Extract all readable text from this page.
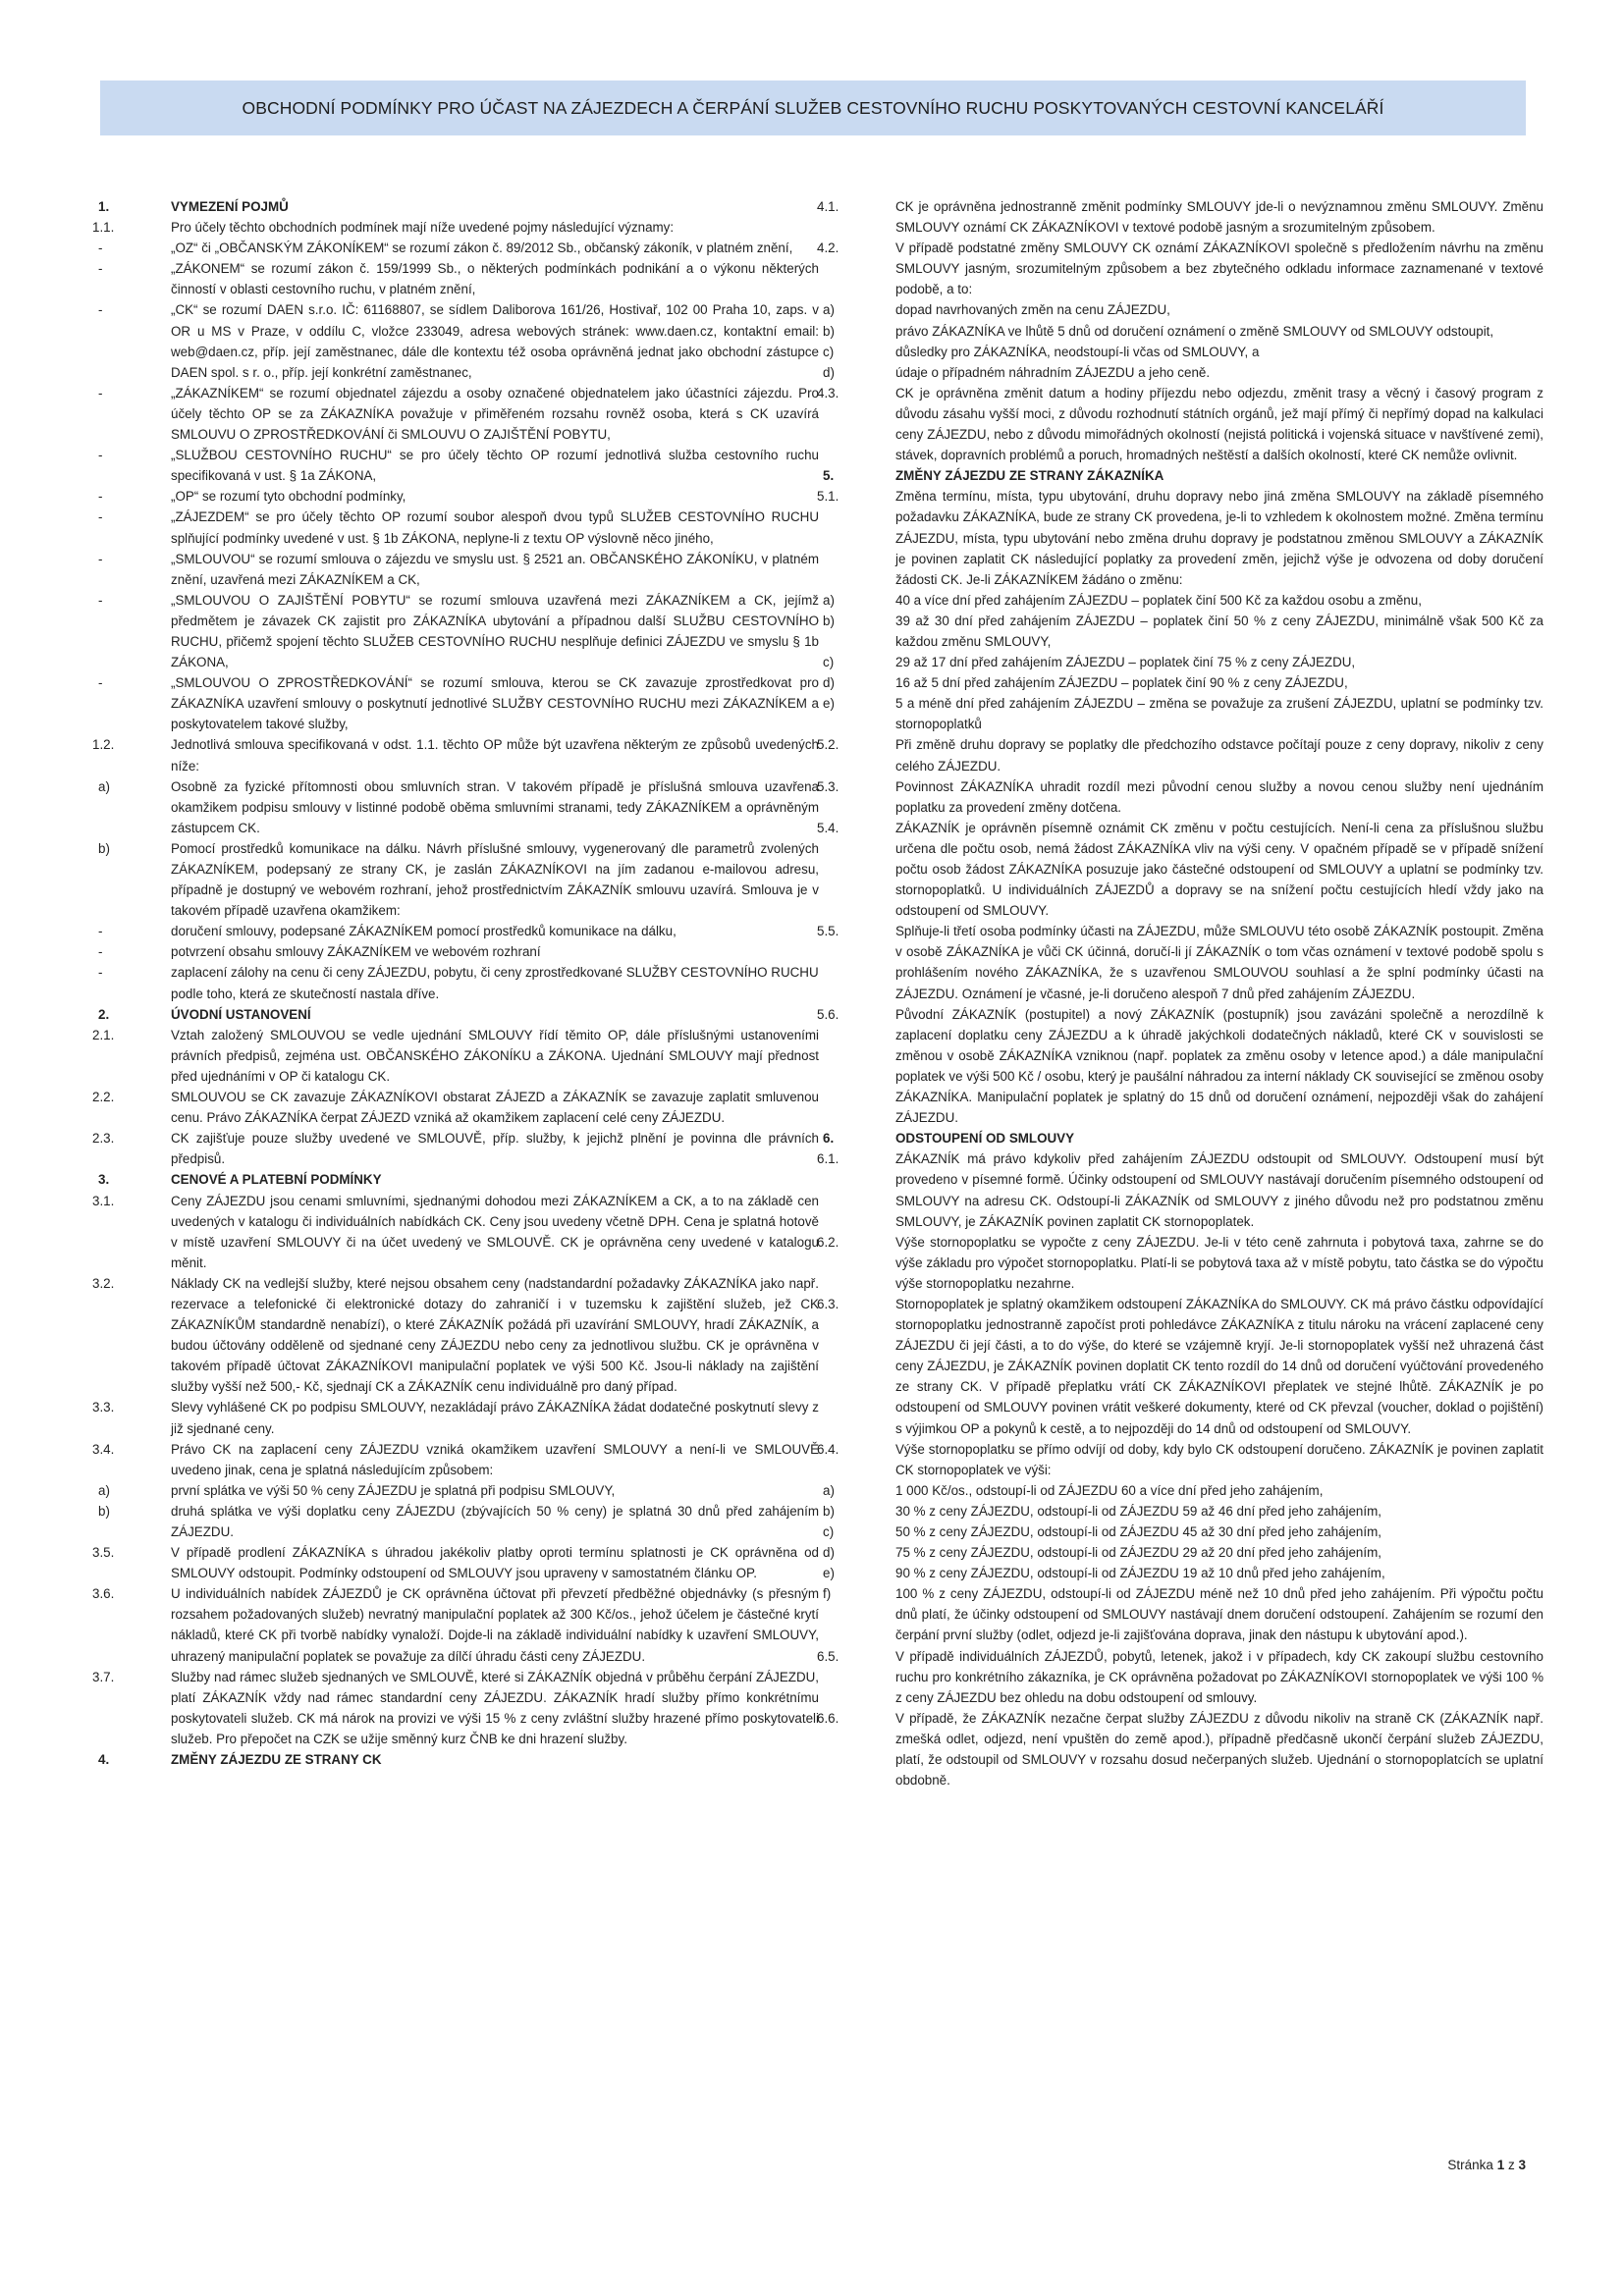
OBCHODNÍ PODMÍNKY PRO ÚČAST NA ZÁJEZDECH A ČERPÁNÍ SLUŽEB CESTOVNÍHO RUCHU POSKYTOVANÝCH CESTOVNÍ KANCELÁŘÍ
1.	VYMEZENÍ POJMŮ
1.1.	Pro účely těchto obchodních podmínek mají níže uvedené pojmy následující významy:
-	„OZ“ či „OBČANSKÝM ZÁKONÍKEM“ se rozumí zákon č. 89/2012 Sb., občanský zákoník, v platném znění,
-	„ZÁKONEM“ se rozumí zákon č. 159/1999 Sb., o některých podmínkách podnikání a o výkonu některých činností v oblasti cestovního ruchu, v platném znění,
-	„CK“ se rozumí DAEN s.r.o. IČ: 61168807, se sídlem Daliborova 161/26, Hostivař, 102 00 Praha 10, zaps. v OR u MS v Praze, v oddílu C, vložce 233049, adresa webových stránek: www.daen.cz, kontaktní email: web@daen.cz, příp. její zaměstnanec, dále dle kontextu též osoba oprávněná jednat jako obchodní zástupce DAEN spol. s r. o., příp. její konkrétní zaměstnanec,
-	„ZÁKAZNÍKEM“ se rozumí objednatel zájezdu a osoby označené objednatelem jako účastníci zájezdu. Pro účely těchto OP se za ZÁKAZNÍKA považuje v přiměřeném rozsahu rovněž osoba, která s CK uzavírá SMLOUVU O ZPROSTŘEDKOVÁNÍ či SMLOUVU O ZAJIŠTĚNÍ POBYTU,
-	„SLUŽBOU CESTOVNÍHO RUCHU“ se pro účely těchto OP rozumí jednotlivá služba cestovního ruchu specifikovaná v ust. § 1a ZÁKONA,
-	„OP“ se rozumí tyto obchodní podmínky,
-	„ZÁJEZDEM“ se pro účely těchto OP rozumí soubor alespoň dvou typů SLUŽEB CESTOVNÍHO RUCHU splňující podmínky uvedené v ust. § 1b ZÁKONA, neplyne-li z textu OP výslovně něco jiného,
-	„SMLOUVOU“ se rozumí smlouva o zájezdu ve smyslu ust. § 2521 an. OBČANSKÉHO ZÁKONÍKU, v platném znění, uzavřená mezi ZÁKAZNÍKEM a CK,
-	„SMLOUVOU O ZAJIŠTĚNÍ POBYTU“ se rozumí smlouva uzavřená mezi ZÁKAZNÍKEM a CK, jejímž předmětem je závazek CK zajistit pro ZÁKAZNÍKA ubytování a případnou další SLUŽBU CESTOVNÍHO RUCHU, přičemž spojení těchto SLUŽEB CESTOVNÍHO RUCHU nesplňuje definici ZÁJEZDU ve smyslu § 1b ZÁKONA,
-	„SMLOUVOU O ZPROSTŘEDKOVÁNÍ“ se rozumí smlouva, kterou se CK zavazuje zprostředkovat pro ZÁKAZNÍKA uzavření smlouvy o poskytnutí jednotlivé SLUŽBY CESTOVNÍHO RUCHU mezi ZÁKAZNÍKEM a poskytovatelem takové služby,
1.2.	Jednotlivá smlouva specifikovaná v odst. 1.1. těchto OP může být uzavřena některým ze způsobů uvedených níže:
a)	Osobně za fyzické přítomnosti obou smluvních stran. V takovém případě je příslušná smlouva uzavřena okamžikem podpisu smlouvy v listinné podobě oběma smluvními stranami, tedy ZÁKAZNÍKEM a oprávněným zástupcem CK.
b)	Pomocí prostředků komunikace na dálku. Návrh příslušné smlouvy, vygenerovaný dle parametrů zvolených ZÁKAZNÍKEM, podepsaný ze strany CK, je zaslán ZÁKAZNÍKOVI na jím zadanou e-mailovou adresu, případně je dostupný ve webovém rozhraní, jehož prostřednictvím ZÁKAZNÍK smlouvu uzavírá. Smlouva je v takovém případě uzavřena okamžikem:
-	doručení smlouvy, podepsané ZÁKAZNÍKEM pomocí prostředků komunikace na dálku,
-	potvrzení obsahu smlouvy ZÁKAZNÍKEM ve webovém rozhraní
-	zaplacení zálohy na cenu či ceny ZÁJEZDU, pobytu, či ceny zprostředkované SLUŽBY CESTOVNÍHO RUCHU
podle toho, která ze skutečností nastala dříve.
2.	ÚVODNÍ USTANOVENÍ
2.1.	Vztah založený SMLOUVOU se vedle ujednání SMLOUVY řídí těmito OP, dále příslušnými ustanoveními právních předpisů, zejména ust. OBČANSKÉHO ZÁKONÍKU a ZÁKONA. Ujednání SMLOUVY mají přednost před ujednáními v OP či katalogu CK.
2.2.	SMLOUVOU se CK zavazuje ZÁKAZNÍKOVI obstarat ZÁJEZD a ZÁKAZNÍK se zavazuje zaplatit smluvenou cenu. Právo ZÁKAZNÍKA čerpat ZÁJEZD vzniká až okamžikem zaplacení celé ceny ZÁJEZDU.
2.3.	CK zajišťuje pouze služby uvedené ve SMLOUVĚ, příp. služby, k jejichž plnění je povinna dle právních předpisů.
3.	CENOVÉ A PLATEBNÍ PODMÍNKY
3.1.	Ceny ZÁJEZDU jsou cenami smluvními, sjednanými dohodou mezi ZÁKAZNÍKEM a CK, a to na základě cen uvedených v katalogu či individuálních nabídkách CK. Ceny jsou uvedeny včetně DPH. Cena je splatná hotově v místě uzavření SMLOUVY či na účet uvedený ve SMLOUVĚ. CK je oprávněna ceny uvedené v katalogu měnit.
3.2.	Náklady CK na vedlejší služby, které nejsou obsahem ceny (nadstandardní požadavky ZÁKAZNÍKA jako např. rezervace a telefonické či elektronické dotazy do zahraničí i v tuzemsku k zajištění služeb, jež CK ZÁKAZNÍKŮM standardně nenabízí), o které ZÁKAZNÍK požádá při uzavírání SMLOUVY, hradí ZÁKAZNÍK, a budou účtovány odděleně od sjednané ceny ZÁJEZDU nebo ceny za jednotlivou službu. CK je oprávněna v takovém případě účtovat ZÁKAZNÍKOVI manipulační poplatek ve výši 500 Kč. Jsou-li náklady na zajištění služby vyšší než 500,- Kč, sjednají CK a ZÁKAZNÍK cenu individuálně pro daný případ.
3.3.	Slevy vyhlášené CK po podpisu SMLOUVY, nezakládají právo ZÁKAZNÍKA žádat dodatečné poskytnutí slevy z již sjednané ceny.
3.4.	Právo CK na zaplacení ceny ZÁJEZDU vzniká okamžikem uzavření SMLOUVY a není-li ve SMLOUVĚ uvedeno jinak, cena je splatná následujícím způsobem:
a)	první splátka ve výši 50 % ceny ZÁJEZDU je splatná při podpisu SMLOUVY,
b)	druhá splátka ve výši doplatku ceny ZÁJEZDU (zbývajících 50 % ceny) je splatná 30 dnů před zahájením ZÁJEZDU.
3.5.	V případě prodlení ZÁKAZNÍKA s úhradou jakékoliv platby oproti termínu splatnosti je CK oprávněna od SMLOUVY odstoupit. Podmínky odstoupení od SMLOUVY jsou upraveny v samostatném článku OP.
3.6.	U individuálních nabídek ZÁJEZDŮ je CK oprávněna účtovat při převzetí předběžné objednávky (s přesným rozsahem požadovaných služeb) nevratný manipulační poplatek až 300 Kč/os., jehož účelem je částečné krytí nákladů, které CK při tvorbě nabídky vynaloží. Dojde-li na základě individuální nabídky k uzavření SMLOUVY, uhrazený manipulační poplatek se považuje za dílčí úhradu části ceny ZÁJEZDU.
3.7.	Služby nad rámec služeb sjednaných ve SMLOUVĚ, které si ZÁKAZNÍK objedná v průběhu čerpání ZÁJEZDU, platí ZÁKAZNÍK vždy nad rámec standardní ceny ZÁJEZDU. ZÁKAZNÍK hradí služby přímo konkrétnímu poskytovateli služeb. CK má nárok na provizi ve výši 15 % z ceny zvláštní služby hrazené přímo poskytovateli služeb. Pro přepočet na CZK se užije směnný kurz ČNB ke dni hrazení služby.
4.	ZMĚNY ZÁJEZDU ZE STRANY CK
4.1.	CK je oprávněna jednostranně změnit podmínky SMLOUVY jde-li o nevýznamnou změnu SMLOUVY. Změnu SMLOUVY oznámí CK ZÁKAZNÍKOVI v textové podobě jasným a srozumitelným způsobem.
4.2.	V případě podstatné změny SMLOUVY CK oznámí ZÁKAZNÍKOVI společně s předložením návrhu na změnu SMLOUVY jasným, srozumitelným způsobem a bez zbytečného odkladu informace zaznamenané v textové podobě, a to:
a)	dopad navrhovaných změn na cenu ZÁJEZDU,
b)	právo ZÁKAZNÍKA ve lhůtě 5 dnů od doručení oznámení o změně SMLOUVY od SMLOUVY odstoupit,
c)	důsledky pro ZÁKAZNÍKA, neodstoupí-li včas od SMLOUVY, a
d)	údaje o případném náhradním ZÁJEZDU a jeho ceně.
4.3.	CK je oprávněna změnit datum a hodiny příjezdu nebo odjezdu, změnit trasy a věcný i časový program z důvodu zásahu vyšší moci, z důvodu rozhodnutí státních orgánů, jež mají přímý či nepřímý dopad na kalkulaci ceny ZÁJEZDU, nebo z důvodu mimořádných okolností (nejistá politická i vojenská situace v navštívené zemi), stávek, dopravních problémů a poruch, hromadných neštěstí a dalších okolností, které CK nemůže ovlivnit.
5.	ZMĚNY ZÁJEZDU ZE STRANY ZÁKAZNÍKA
5.1.	Změna termínu, místa, typu ubytování, druhu dopravy nebo jiná změna SMLOUVY na základě písemného požadavku ZÁKAZNÍKA, bude ze strany CK provedena, je-li to vzhledem k okolnostem možné. Změna termínu ZÁJEZDU, místa, typu ubytování nebo změna druhu dopravy je podstatnou změnou SMLOUVY a ZÁKAZNÍK je povinen zaplatit CK následující poplatky za provedení změn, jejichž výše je odvozena od doby doručení žádosti CK. Je-li ZÁKAZNÍKEM žádáno o změnu:
a)	40 a více dní před zahájením ZÁJEZDU – poplatek činí 500 Kč za každou osobu a změnu,
b)	39 až 30 dní před zahájením ZÁJEZDU – poplatek činí 50 % z ceny ZÁJEZDU, minimálně však 500 Kč za každou změnu SMLOUVY,
c)	29 až 17 dní před zahájením ZÁJEZDU – poplatek činí 75 % z ceny ZÁJEZDU,
d)	16 až 5 dní před zahájením ZÁJEZDU – poplatek činí 90 % z ceny ZÁJEZDU,
e)	5 a méně dní před zahájením ZÁJEZDU – změna se považuje za zrušení ZÁJEZDU, uplatní se podmínky tzv. stornopoplatků
5.2.	Při změně druhu dopravy se poplatky dle předchozího odstavce počítají pouze z ceny dopravy, nikoliv z ceny celého ZÁJEZDU.
5.3.	Povinnost ZÁKAZNÍKA uhradit rozdíl mezi původní cenou služby a novou cenou služby není ujednáním poplatku za provedení změny dotčena.
5.4.	ZÁKAZNÍK je oprávněn písemně oznámit CK změnu v počtu cestujících. Není-li cena za příslušnou službu určena dle počtu osob, nemá žádost ZÁKAZNÍKA vliv na výši ceny. V opačném případě se v případě snížení počtu osob žádost ZÁKAZNÍKA posuzuje jako částečné odstoupení od SMLOUVY a uplatní se podmínky tzv. stornopoplatků. U individuálních ZÁJEZDŮ a dopravy se na snížení počtu cestujících hledí vždy jako na odstoupení od SMLOUVY.
5.5.	Splňuje-li třetí osoba podmínky účasti na ZÁJEZDU, může SMLOUVU této osobě ZÁKAZNÍK postoupit. Změna v osobě ZÁKAZNÍKA je vůči CK účinná, doručí-li jí ZÁKAZNÍK o tom včas oznámení v textové podobě spolu s prohlášením nového ZÁKAZNÍKA, že s uzavřenou SMLOUVOU souhlasí a že splní podmínky účasti na ZÁJEZDU. Oznámení je včasné, je-li doručeno alespoň 7 dnů před zahájením ZÁJEZDU.
5.6.	Původní ZÁKAZNÍK (postupitel) a nový ZÁKAZNÍK (postupník) jsou zavázáni společně a nerozdílně k zaplacení doplatku ceny ZÁJEZDU a k úhradě jakýchkoli dodatečných nákladů, které CK v souvislosti se změnou v osobě ZÁKAZNÍKA vzniknou (např. poplatek za změnu osoby v letence apod.) a dále manipulační poplatek ve výši 500 Kč / osobu, který je paušální náhradou za interní náklady CK související se změnou osoby ZÁKAZNÍKA. Manipulační poplatek je splatný do 15 dnů od doručení oznámení, nejpozději však do zahájení ZÁJEZDU.
6.	ODSTOUPENÍ OD SMLOUVY
6.1.	ZÁKAZNÍK má právo kdykoliv před zahájením ZÁJEZDU odstoupit od SMLOUVY. Odstoupení musí být provedeno v písemné formě. Účinky odstoupení od SMLOUVY nastávají doručením písemného odstoupení od SMLOUVY na adresu CK. Odstoupí-li ZÁKAZNÍK od SMLOUVY z jiného důvodu než pro podstatnou změnu SMLOUVY, je ZÁKAZNÍK povinen zaplatit CK stornopoplatek.
6.2.	Výše stornopoplatku se vypočte z ceny ZÁJEZDU. Je-li v této ceně zahrnuta i pobytová taxa, zahrne se do výše základu pro výpočet stornopoplatku. Platí-li se pobytová taxa až v místě pobytu, tato částka se do výpočtu výše stornopoplatku nezahrne.
6.3.	Stornopoplatek je splatný okamžikem odstoupení ZÁKAZNÍKA do SMLOUVY. CK má právo částku odpovídající stornopoplatku jednostranně započíst proti pohledávce ZÁKAZNÍKA z titulu nároku na vrácení zaplacené ceny ZÁJEZDU či její části, a to do výše, do které se vzájemně kryjí. Je-li stornopoplatek vyšší než uhrazená část ceny ZÁJEZDU, je ZÁKAZNÍK povinen doplatit CK tento rozdíl do 14 dnů od doručení vyúčtování provedeného ze strany CK. V případě přeplatku vrátí CK ZÁKAZNÍKOVI přeplatek ve stejné lhůtě. ZÁKAZNÍK je po odstoupení od SMLOUVY povinen vrátit veškeré dokumenty, které od CK převzal (voucher, doklad o pojištění) s výjimkou OP a pokynů k cestě, a to nejpozději do 14 dnů od odstoupení od SMLOUVY.
6.4.	Výše stornopoplatku se přímo odvíjí od doby, kdy bylo CK odstoupení doručeno. ZÁKAZNÍK je povinen zaplatit CK stornopoplatek ve výši:
a)	1 000 Kč/os., odstoupí-li od ZÁJEZDU 60 a více dní před jeho zahájením,
b)	30 % z ceny ZÁJEZDU, odstoupí-li od ZÁJEZDU 59 až 46 dní před jeho zahájením,
c)	50 % z ceny ZÁJEZDU, odstoupí-li od ZÁJEZDU 45 až 30 dní před jeho zahájením,
d)	75 % z ceny ZÁJEZDU, odstoupí-li od ZÁJEZDU 29 až 20 dní před jeho zahájením,
e)	90 % z ceny ZÁJEZDU, odstoupí-li od ZÁJEZDU 19 až 10 dnů před jeho zahájením,
f)	100 % z ceny ZÁJEZDU, odstoupí-li od ZÁJEZDU méně než 10 dnů před jeho zahájením. Při výpočtu počtu dnů platí, že účinky odstoupení od SMLOUVY nastávají dnem doručení odstoupení. Zahájením se rozumí den čerpání první služby (odlet, odjezd je-li zajišťována doprava, jinak den nástupu k ubytování apod.).
6.5.	V případě individuálních ZÁJEZDŮ, pobytů, letenek, jakož i v případech, kdy CK zakoupí službu cestovního ruchu pro konkrétního zákazníka, je CK oprávněna požadovat po ZÁKAZNÍKOVI stornopoplatek ve výši 100 % z ceny ZÁJEZDU bez ohledu na dobu odstoupení od smlouvy.
6.6.	V případě, že ZÁKAZNÍK nezačne čerpat služby ZÁJEZDU z důvodu nikoliv na straně CK (ZÁKAZNÍK např. zmešká odlet, odjezd, není vpuštěn do země apod.), případně předčasně ukončí čerpání služeb ZÁJEZDU, platí, že odstoupil od SMLOUVY v rozsahu dosud nečerpaných služeb. Ujednání o stornopoplatcích se uplatní obdobně.
Stránka 1 z 3
